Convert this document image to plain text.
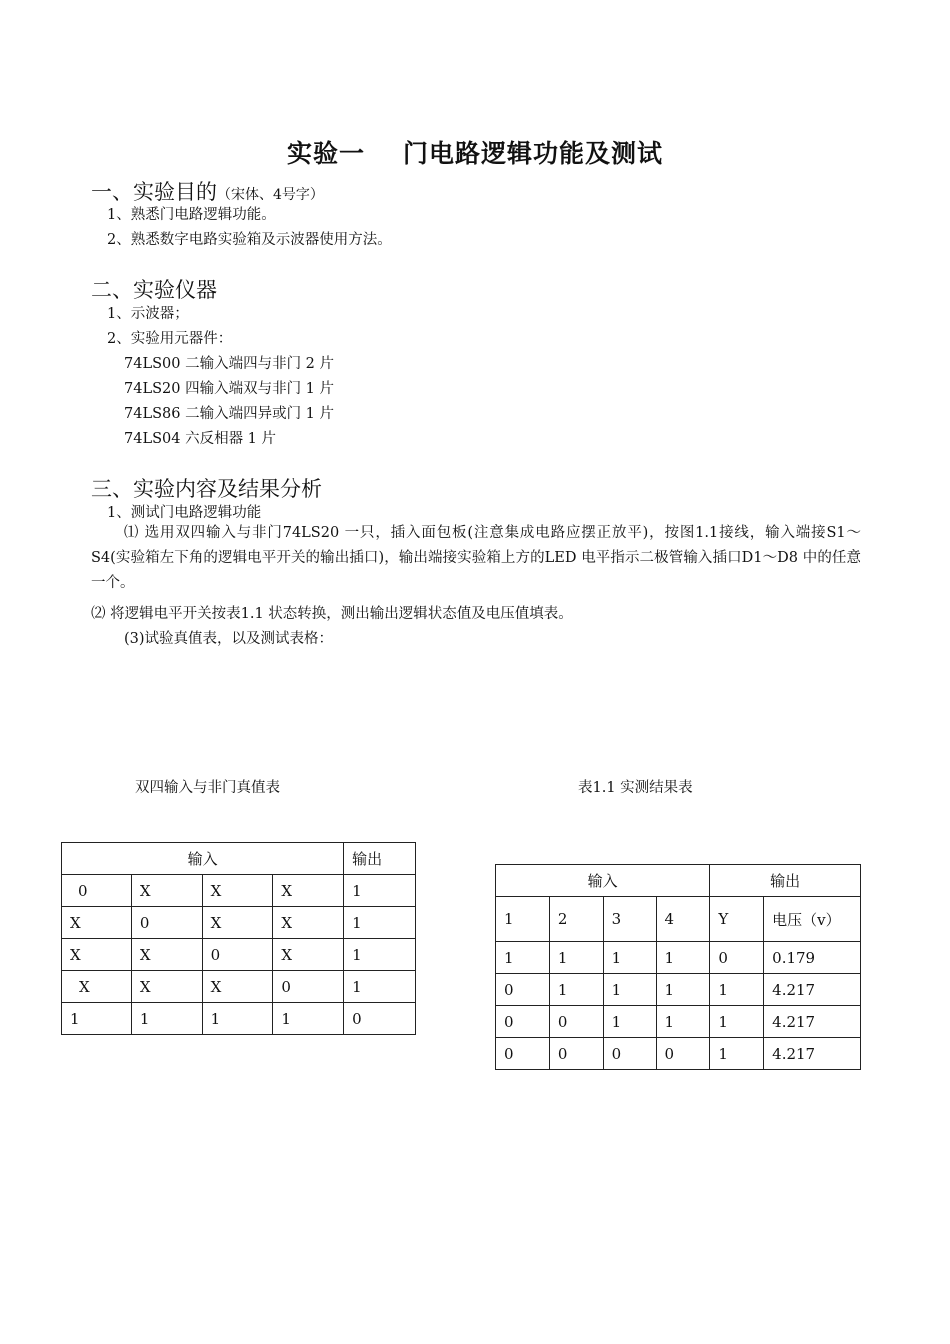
实验一 门电路逻辑功能及测试
一、实验目的（宋体、4号字）
1、熟悉门电路逻辑功能。
2、熟悉数字电路实验箱及示波器使用方法。
二、实验仪器
1、示波器；
2、实验用元器件：
74LS00 二输入端四与非门 2 片
74LS20 四输入端双与非门 1 片
74LS86 二输入端四异或门 1 片
74LS04 六反相器 1 片
三、实验内容及结果分析
1、测试门电路逻辑功能
⑴ 选用双四输入与非门74LS20 一只，插入面包板(注意集成电路应摆正放平)，按图1.1接线，输入端接S1～S4(实验箱左下角的逻辑电平开关的输出插口)，输出端接实验箱上方的LED 电平指示二极管输入插口D1～D8 中的任意一个。
⑵ 将逻辑电平开关按表1.1 状态转换，测出输出逻辑状态值及电压值填表。
(3)试验真值表，以及测试表格：
双四输入与非门真值表	表1.1 实测结果表
输入				输出
0	X	X	X	1
X	0	X	X	1
X	X	0	X	1
X	X	X	0	1
1	1	1	1	0
输入				输出	
1	2	3	4	Y	电压（v）
1	1	1	1	0	0.179
0	1	1	1	1	4.217
0	0	1	1	1	4.217
0	0	0	0	1	4.217
